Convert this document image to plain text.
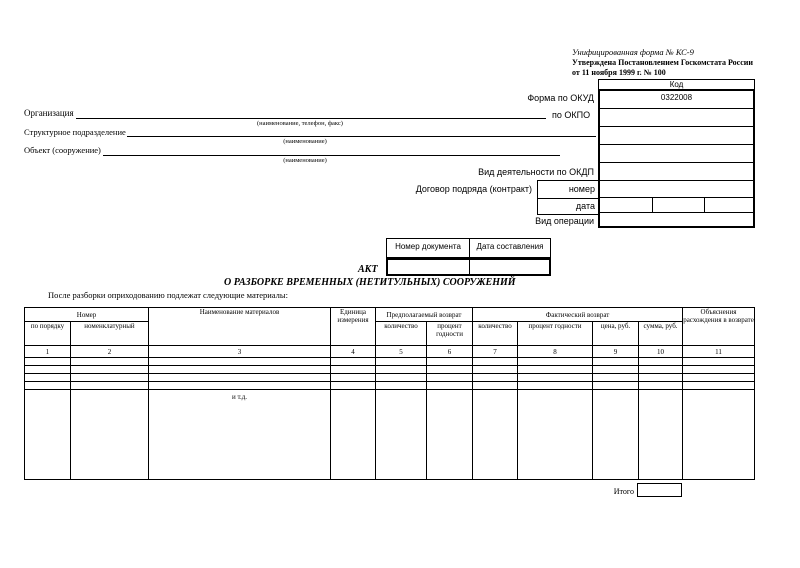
Унифицированная форма № КС-9
Утверждена Постановлением Госкомстата России
от 11 ноября 1999 г. № 100
Код
0322008
Форма по ОКУД
Организация	по ОКПО
(наименование, телефон, факс)
Структурное подразделение
(наименование)
Объект (сооружение)
(наименование)
Вид деятельности по ОКДП
Договор подряда (контракт)	номер
дата
Вид операции
Номер документа	Дата составления
АКТ
О РАЗБОРКЕ ВРЕМЕННЫХ (НЕТИТУЛЬНЫХ) СООРУЖЕНИЙ
После разборки оприходованию подлежат следующие материалы:
Номер		Наименование материалов	Единица измерения	Предполагаемый возврат		Фактический возврат				Объяснения расхождения в возврате
по порядку	номенклатурный			количество	процент годности	количество	процент годности	цена, руб.	сумма, руб.	
1	2	3	4	5	6	7	8	9	10	11

		и т.д.								
Итого
